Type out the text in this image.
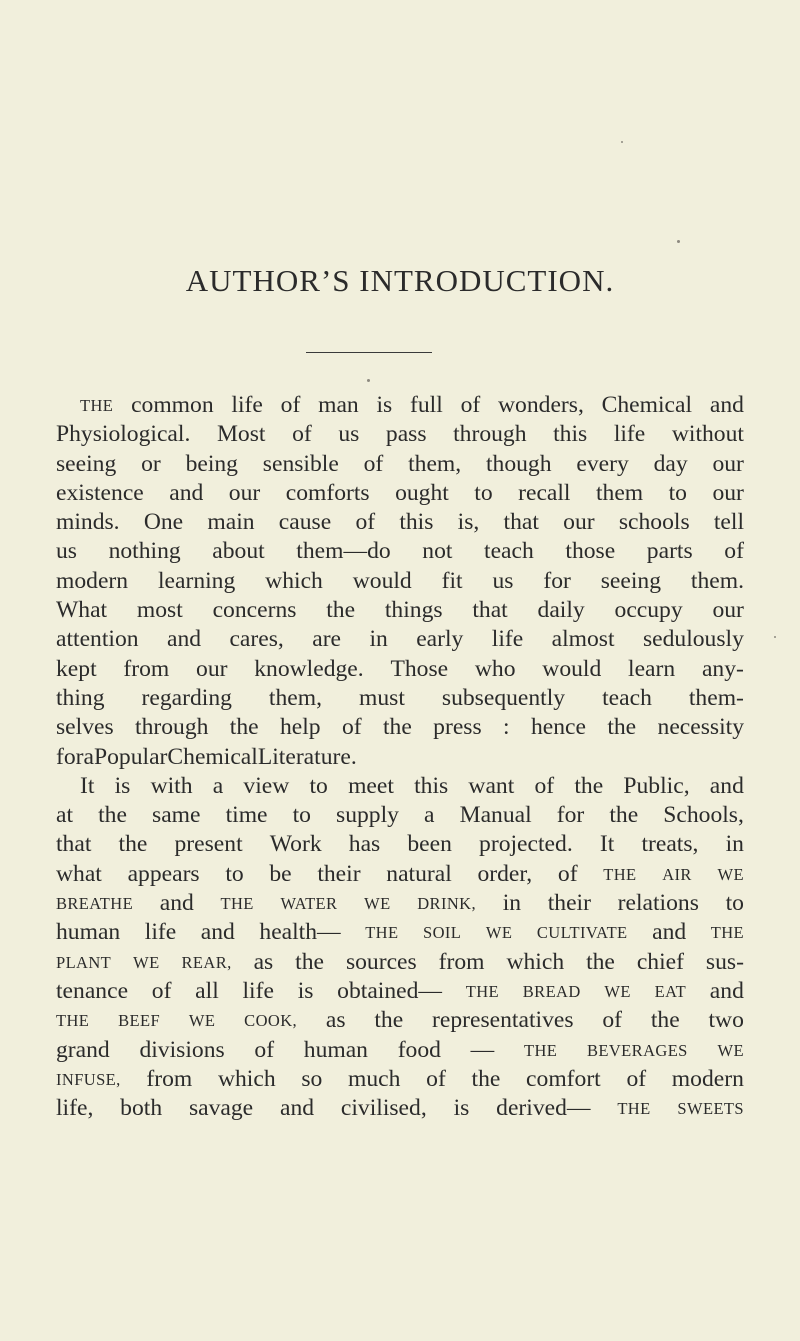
AUTHOR’S INTRODUCTION.
THE common life of man is full of wonders, Chemical and
Physiological. Most of us pass through this life without
seeing or being sensible of them, though every day our
existence and our comforts ought to recall them to our
minds. One main cause of this is, that our schools tell
us nothing about them—do not teach those parts of
modern learning which would fit us for seeing them.
What most concerns the things that daily occupy our
attention and cares, are in early life almost sedulously
kept from our knowledge. Those who would learn any-
thing regarding them, must subsequently teach them-
selves through the help of the press : hence the necessity
for a Popular Chemical Literature.
It is with a view to meet this want of the Public, and
at the same time to supply a Manual for the Schools,
that the present Work has been projected. It treats, in
what appears to be their natural order, of THE AIR WE
BREATHE and THE WATER WE DRINK, in their relations to
human life and health— THE SOIL WE CULTIVATE and THE
PLANT WE REAR, as the sources from which the chief sus-
tenance of all life is obtained— THE BREAD WE EAT and
THE BEEF WE COOK, as the representatives of the two
grand divisions of human food — THE BEVERAGES WE
INFUSE, from which so much of the comfort of modern
life, both savage and civilised, is derived— THE SWEETS
